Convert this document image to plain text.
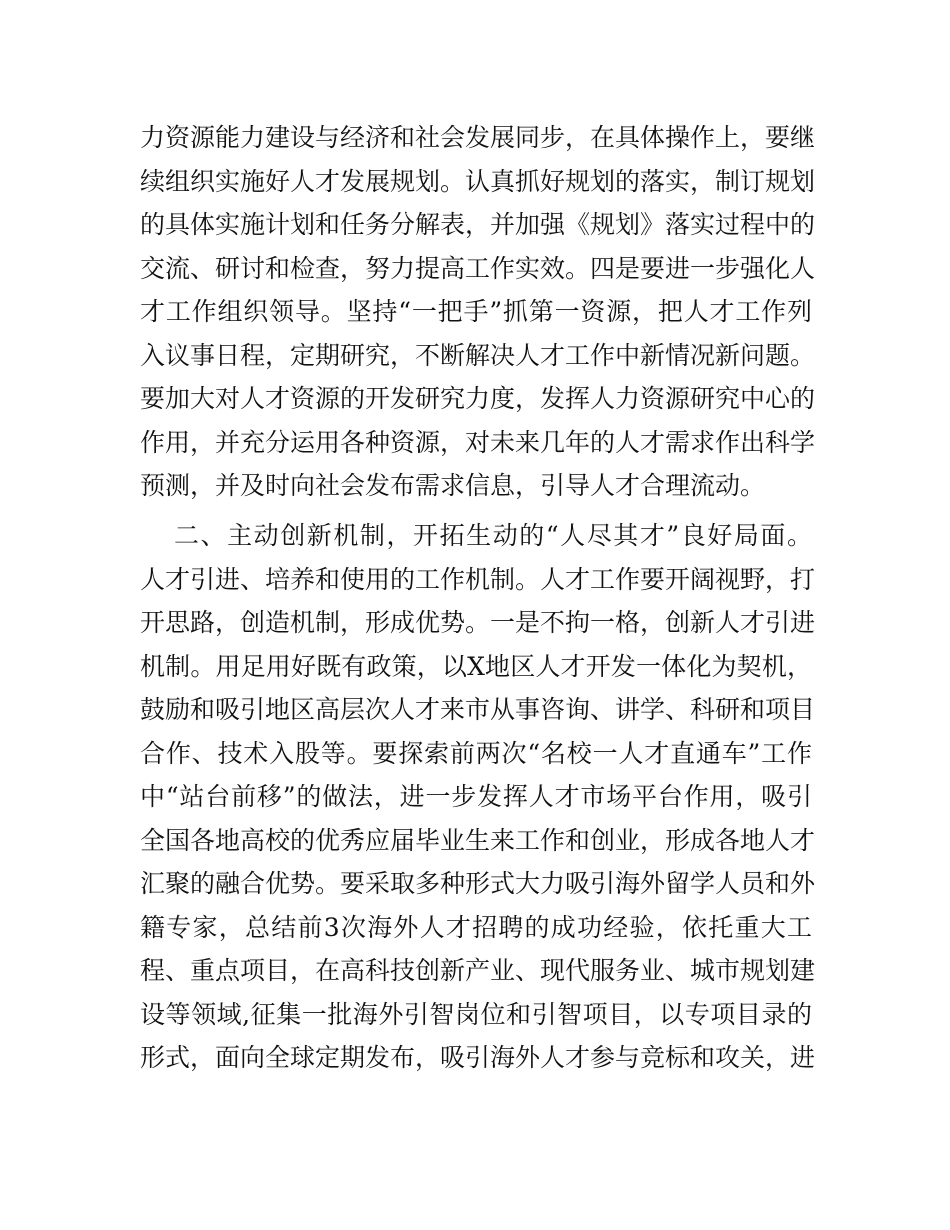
力资源能力建设与经济和社会发展同步，在具体操作上，要继
续组织实施好人才发展规划。认真抓好规划的落实，制订规划
的具体实施计划和任务分解表，并加强《规划》落实过程中的
交流、研讨和检查，努力提高工作实效。四是要进一步强化人
才工作组织领导。坚持“一把手”抓第一资源，把人才工作列
入议事日程，定期研究，不断解决人才工作中新情况新问题。
要加大对人才资源的开发研究力度，发挥人力资源研究中心的
作用，并充分运用各种资源，对未来几年的人才需求作出科学
预测，并及时向社会发布需求信息，引导人才合理流动。
二、主动创新机制，开拓生动的“人尽其才”良好局面。
人才引进、培养和使用的工作机制。人才工作要开阔视野，打
开思路，创造机制，形成优势。一是不拘一格，创新人才引进
机制。用足用好既有政策，以X地区人才开发一体化为契机，
鼓励和吸引地区高层次人才来市从事咨询、讲学、科研和项目
合作、技术入股等。要探索前两次“名校一人才直通车”工作
中“站台前移”的做法，进一步发挥人才市场平台作用，吸引
全国各地高校的优秀应届毕业生来工作和创业，形成各地人才
汇聚的融合优势。要采取多种形式大力吸引海外留学人员和外
籍专家，总结前3次海外人才招聘的成功经验，依托重大工
程、重点项目，在高科技创新产业、现代服务业、城市规划建
设等领域,征集一批海外引智岗位和引智项目，以专项目录的
形式，面向全球定期发布，吸引海外人才参与竞标和攻关，进
